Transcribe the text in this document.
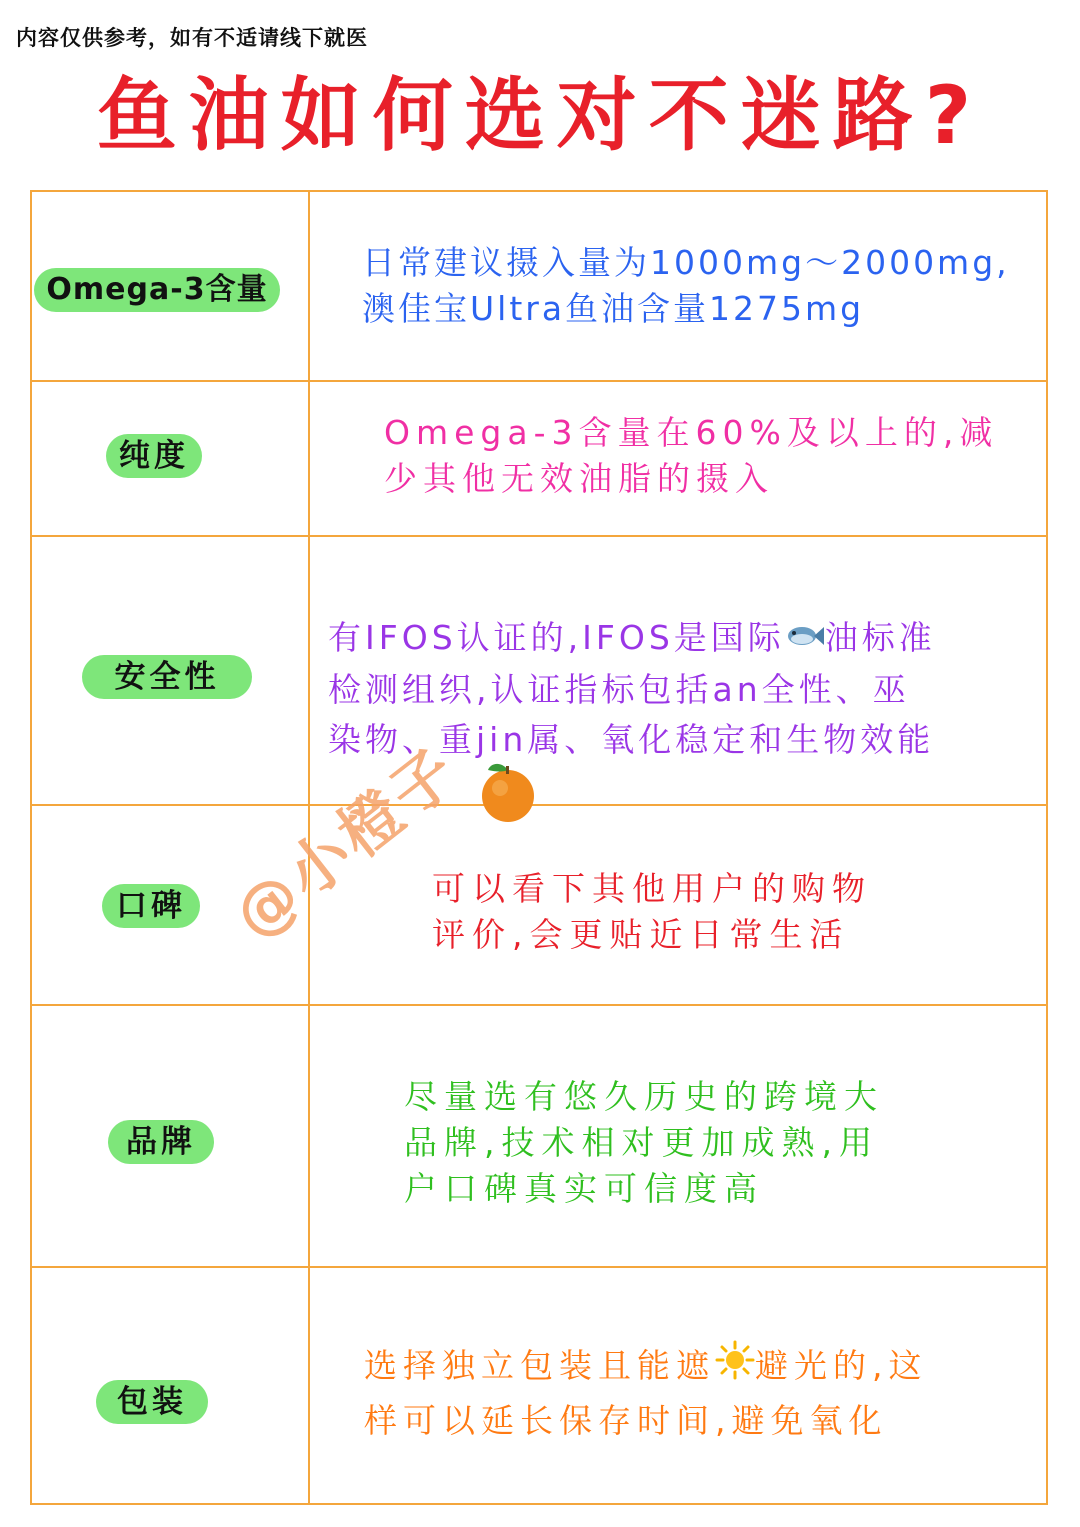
内容仅供参考，如有不适请线下就医
鱼油如何选对不迷路?
Omega-3含量
日常建议摄入量为1000mg～2000mg,
澳佳宝Ultra鱼油含量1275mg
纯度
Omega-3含量在60%及以上的,减
少其他无效油脂的摄入
安全性
有IFOS认证的,IFOS是国际 油标准
检测组织,认证指标包括an全性、巫
染物、重jin属、氧化稳定和生物效能
口碑	可以看下其他用户的购物
评价,会更贴近日常生活
品牌
尽量选有悠久历史的跨境大
品牌,技术相对更加成熟,用
户口碑真实可信度高
包装
选择独立包装且能遮 避光的,这
样可以延长保存时间,避免氧化
@小橙子
